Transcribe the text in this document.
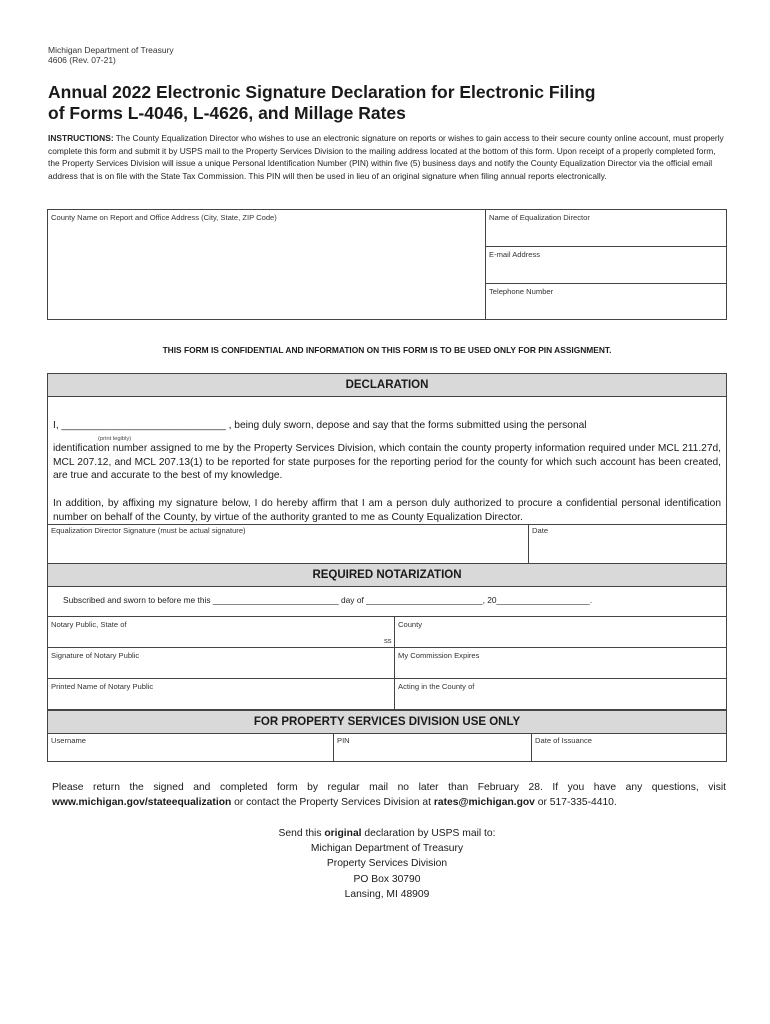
Michigan Department of Treasury
4606 (Rev. 07-21)
Annual 2022 Electronic Signature Declaration for Electronic Filing
of Forms L-4046, L-4626, and Millage Rates
INSTRUCTIONS: The County Equalization Director who wishes to use an electronic signature on reports or wishes to gain access to their secure county online account, must properly complete this form and submit it by USPS mail to the Property Services Division to the mailing address located at the bottom of this form. Upon receipt of a properly completed form, the Property Services Division will issue a unique Personal Identification Number (PIN) within five (5) business days and notify the County Equalization Director via the official email address that is on file with the State Tax Commission. This PIN will then be used in lieu of an original signature when filing annual reports electronically.
County Name on Report and Office Address (City, State, ZIP Code)	Name of Equalization Director
E-mail Address
Telephone Number
THIS FORM IS CONFIDENTIAL AND INFORMATION ON THIS FORM IS TO BE USED ONLY FOR PIN ASSIGNMENT.
DECLARATION
I, _____________________________ , being duly sworn, depose and say that the forms submitted using the personal
(print legibly)
identification number assigned to me by the Property Services Division, which contain the county property information required under MCL 211.27d, MCL 207.12, and MCL 207.13(1) to be reported for state purposes for the reporting period for the county for which such account has been created, are true and accurate to the best of my knowledge.
In addition, by affixing my signature below, I do hereby affirm that I am a person duly authorized to procure a confidential personal identification number on behalf of the County, by virtue of the authority granted to me as County Equalization Director.
Equalization Director Signature (must be actual signature)	Date
REQUIRED NOTARIZATION
Subscribed and sworn to before me this ___________________________ day of _________________________, 20____________________.
Notary Public, State of	County
ss
Signature of Notary Public	My Commission Expires
Printed Name of Notary Public	Acting in the County of
FOR PROPERTY SERVICES DIVISION USE ONLY
Username	PIN	Date of Issuance
Please return the signed and completed form by regular mail no later than February 28. If you have any questions, visit www.michigan.gov/stateequalization or contact the Property Services Division at rates@michigan.gov or 517-335-4410.
Send this original declaration by USPS mail to:
Michigan Department of Treasury
Property Services Division
PO Box 30790
Lansing, MI 48909
